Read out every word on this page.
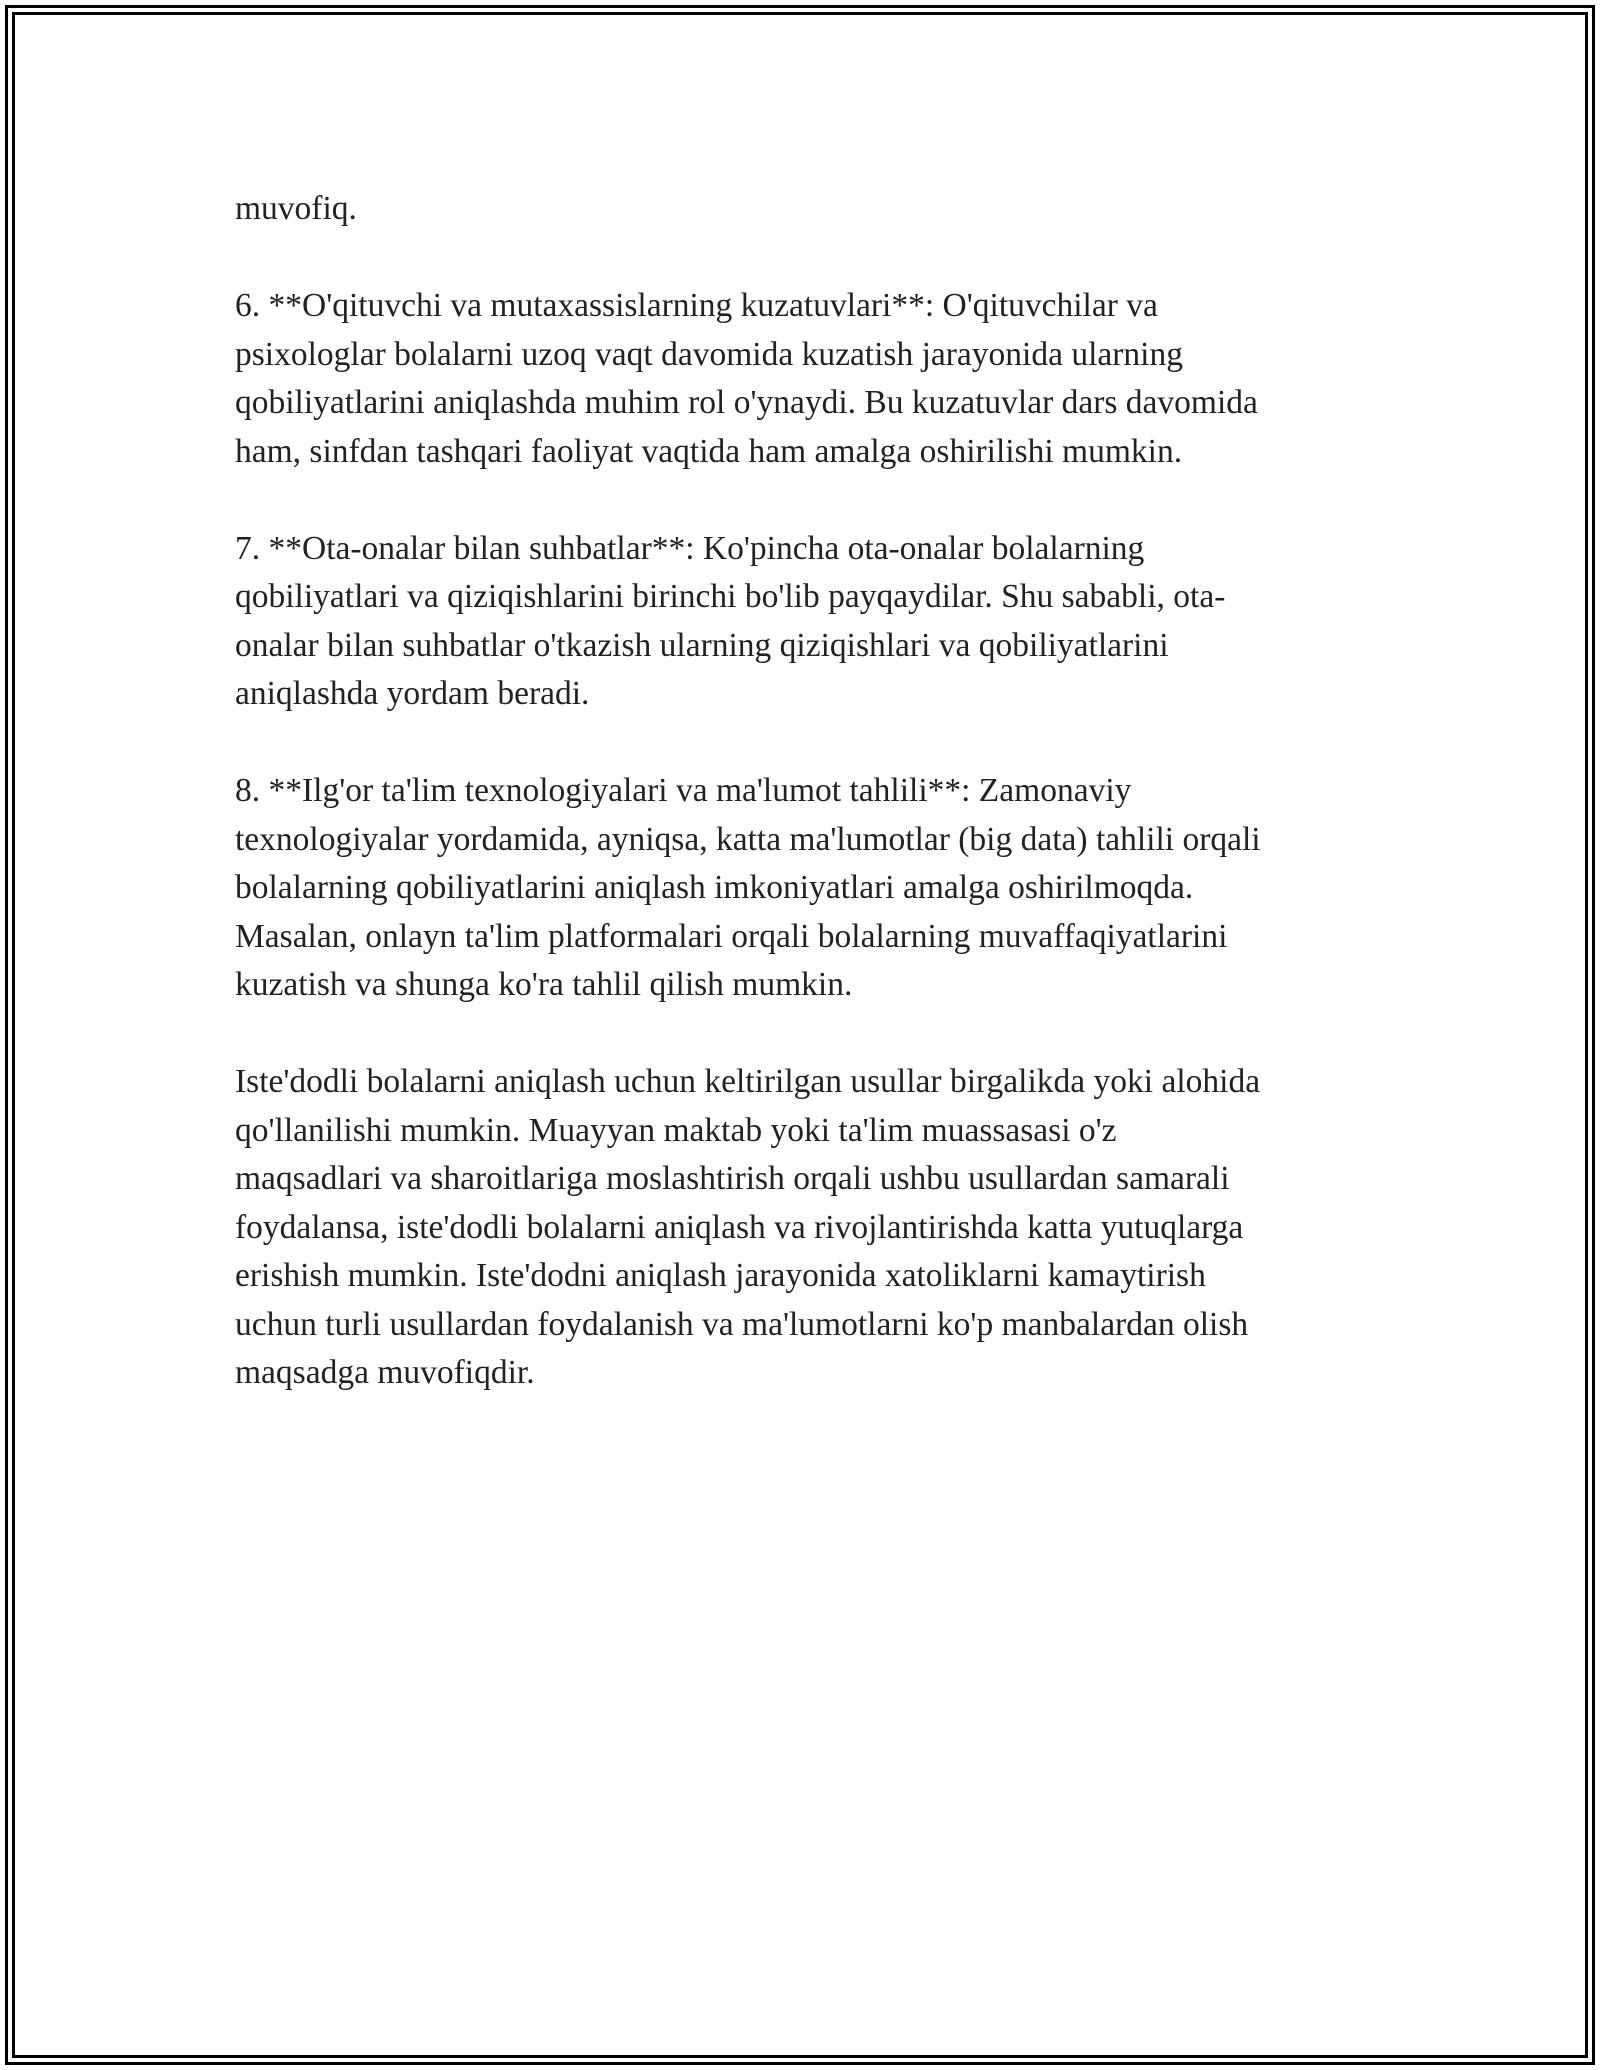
muvofiq.

6. **O'qituvchi va mutaxassislarning kuzatuvlari**: O'qituvchilar va
psixologlar bolalarni uzoq vaqt davomida kuzatish jarayonida ularning
qobiliyatlarini aniqlashda muhim rol o'ynaydi. Bu kuzatuvlar dars davomida
ham, sinfdan tashqari faoliyat vaqtida ham amalga oshirilishi mumkin.

7. **Ota-onalar bilan suhbatlar**: Ko'pincha ota-onalar bolalarning
qobiliyatlari va qiziqishlarini birinchi bo'lib payqaydilar. Shu sababli, ota-
onalar bilan suhbatlar o'tkazish ularning qiziqishlari va qobiliyatlarini
aniqlashda yordam beradi.

8. **Ilg'or ta'lim texnologiyalari va ma'lumot tahlili**: Zamonaviy
texnologiyalar yordamida, ayniqsa, katta ma'lumotlar (big data) tahlili orqali
bolalarning qobiliyatlarini aniqlash imkoniyatlari amalga oshirilmoqda.
Masalan, onlayn ta'lim platformalari orqali bolalarning muvaffaqiyatlarini
kuzatish va shunga ko'ra tahlil qilish mumkin.

Iste'dodli bolalarni aniqlash uchun keltirilgan usullar birgalikda yoki alohida
qo'llanilishi mumkin. Muayyan maktab yoki ta'lim muassasasi o'z
maqsadlari va sharoitlariga moslashtirish orqali ushbu usullardan samarali
foydalansa, iste'dodli bolalarni aniqlash va rivojlantirishda katta yutuqlarga
erishish mumkin. Iste'dodni aniqlash jarayonida xatoliklarni kamaytirish
uchun turli usullardan foydalanish va ma'lumotlarni ko'p manbalardan olish
maqsadga muvofiqdir.
